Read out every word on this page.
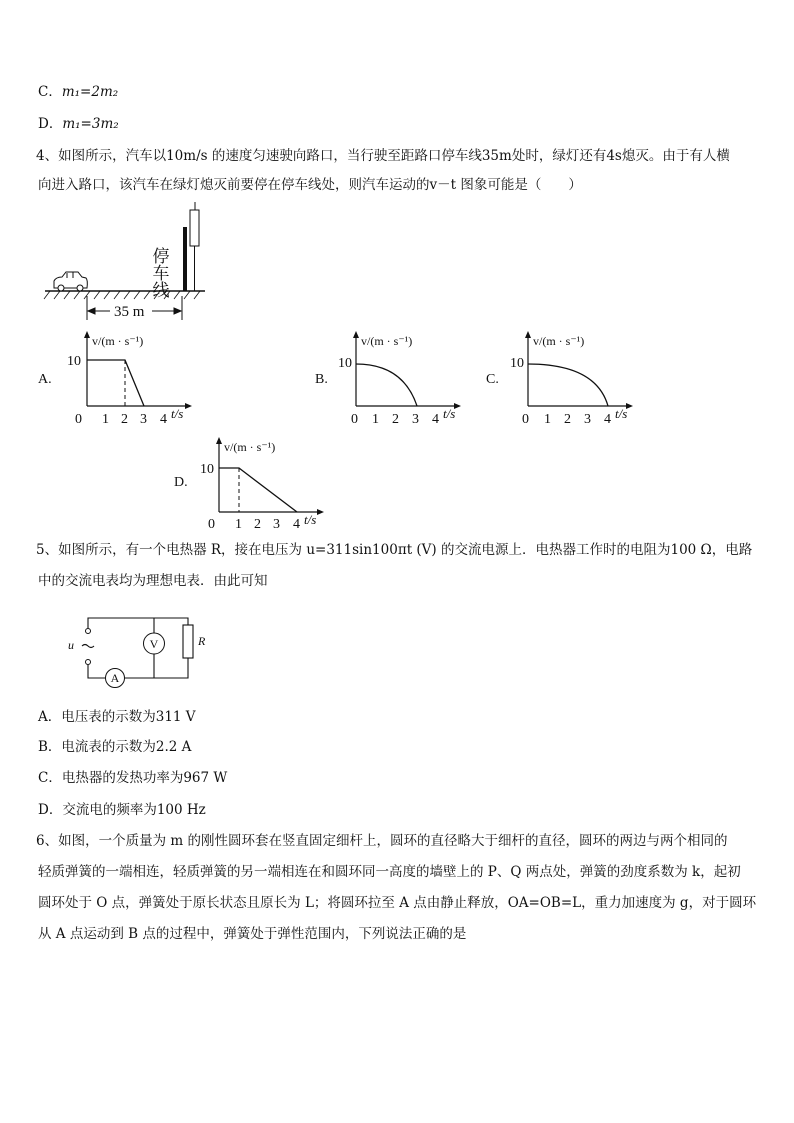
C．m₁=2m₂
D．m₁=3m₂
4、如图所示，汽车以10m/s 的速度匀速驶向路口，当行驶至距路口停车线35m处时，绿灯还有4s熄灭。由于有人横
向进入路口，该汽车在绿灯熄灭前要停在停车线处，则汽车运动的v－t 图象可能是（　　）
停车线
35 m
A.
v/(m · s⁻¹)
10
0 1 2 3 4 t/s
B.
v/(m · s⁻¹)
10
0 1 2 3 4 t/s
C.
v/(m · s⁻¹)
10
0 1 2 3 4 t/s
D.
v/(m · s⁻¹)
10
0 1 2 3 4 t/s
5、如图所示，有一个电热器 R，接在电压为 u=311sin100πt (V) 的交流电源上．电热器工作时的电阻为100 Ω，电路
中的交流电表均为理想电表．由此可知
V
A
u	R
A．电压表的示数为311 V
B．电流表的示数为2.2 A
C．电热器的发热功率为967 W
D．交流电的频率为100 Hz
6、如图，一个质量为 m 的刚性圆环套在竖直固定细杆上，圆环的直径略大于细杆的直径，圆环的两边与两个相同的
轻质弹簧的一端相连，轻质弹簧的另一端相连在和圆环同一高度的墙壁上的 P、Q 两点处，弹簧的劲度系数为 k，起初
圆环处于 O 点，弹簧处于原长状态且原长为 L；将圆环拉至 A 点由静止释放，OA=OB=L，重力加速度为 g，对于圆环
从 A 点运动到 B 点的过程中，弹簧处于弹性范围内，下列说法正确的是
